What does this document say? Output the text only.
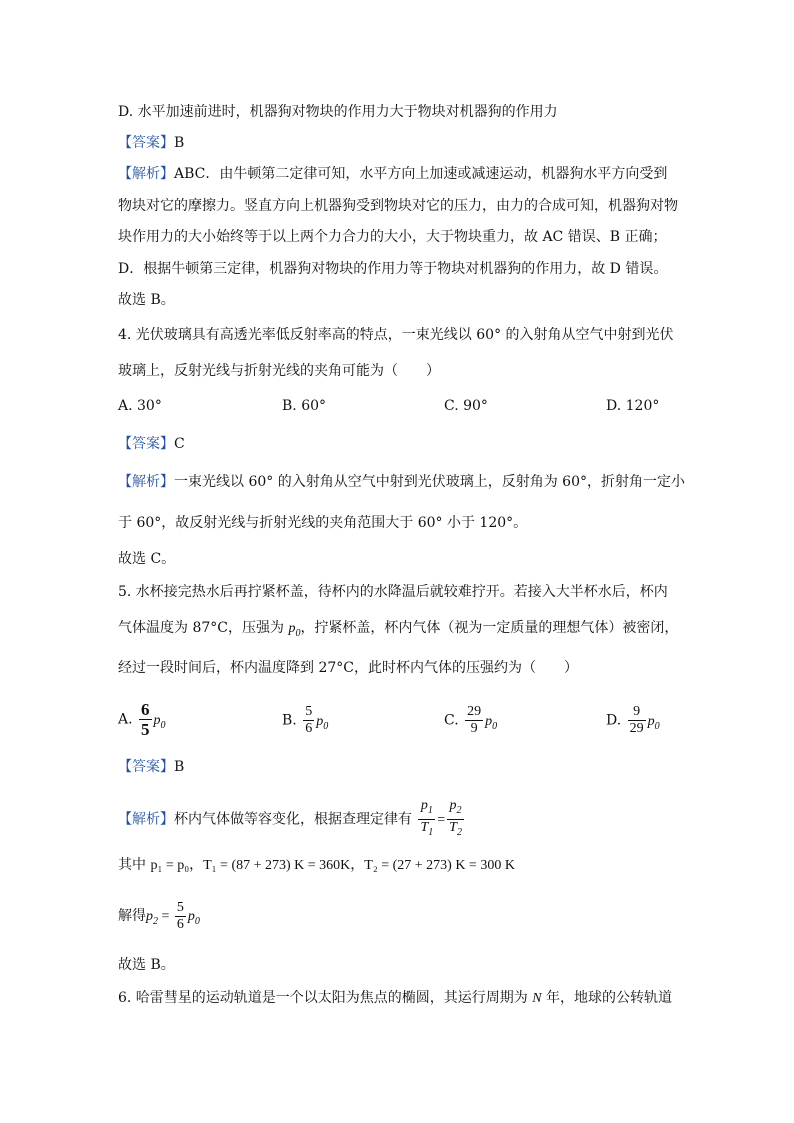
D. 水平加速前进时，机器狗对物块的作用力大于物块对机器狗的作用力
【答案】B
【解析】ABC．由牛顿第二定律可知，水平方向上加速或减速运动，机器狗水平方向受到
物块对它的摩擦力。竖直方向上机器狗受到物块对它的压力，由力的合成可知，机器狗对物
块作用力的大小始终等于以上两个力合力的大小，大于物块重力，故 AC 错误、B 正确；
D．根据牛顿第三定律，机器狗对物块的作用力等于物块对机器狗的作用力，故 D 错误。
故选 B。
4. 光伏玻璃具有高透光率低反射率高的特点，一束光线以 60° 的入射角从空气中射到光伏
玻璃上，反射光线与折射光线的夹角可能为（　　）
A. 30°	B. 60°	C. 90°	D. 120°
【答案】C
【解析】一束光线以 60° 的入射角从空气中射到光伏玻璃上，反射角为 60°，折射角一定小
于 60°，故反射光线与折射光线的夹角范围大于 60° 小于 120°。
故选 C。
5. 水杯接完热水后再拧紧杯盖，待杯内的水降温后就较难拧开。若接入大半杯水后，杯内
气体温度为 87°C，压强为 $p_0$，拧紧杯盖，杯内气体（视为一定质量的理想气体）被密闭，
经过一段时间后，杯内温度降到 27°C，此时杯内气体的压强约为（　　）
A. $\frac{6}{5} p_0$	B. $\frac{5}{6} p_0$	C. $\frac{29}{9} p_0$	D. $\frac{9}{29} p_0$
【答案】B
【解析】杯内气体做等容变化，根据查理定律有 $\frac{p_1}{T_1} = \frac{p_2}{T_2}$
其中 p₁ = p₀，T₁ = (87 + 273) K = 360K，T₂ = (27 + 273) K = 300 K
解得$p_2 = \frac{5}{6} p_0$
故选 B。
6. 哈雷彗星的运动轨道是一个以太阳为焦点的椭圆，其运行周期为 N 年，地球的公转轨道
